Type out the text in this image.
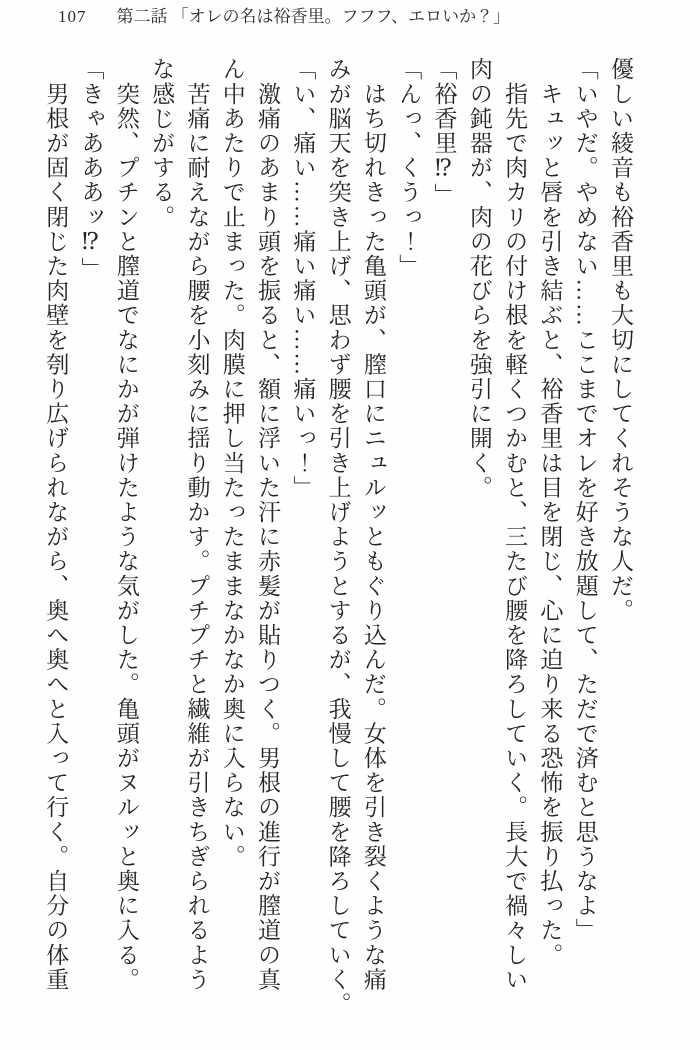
107 第二話 「オレの名は裕香里。フフフ、エロいか？」
優しい綾音も裕香里も大切にしてくれそうな人だ。
「いやだ。やめない……ここまでオレを好き放題して、ただで済むと思うなよ」
　キュッと唇を引き結ぶと、裕香里は目を閉じ、心に迫り来る恐怖を振り払った。
　指先で肉カリの付け根を軽くつかむと、三たび腰を降ろしていく。長大で禍々しい
肉の鈍器が、肉の花びらを強引に開く。
「裕香里⁉」
「んっ、くうっ！」
　はち切れきった亀頭が、膣口にニュルッともぐり込んだ。女体を引き裂くような痛
みが脳天を突き上げ、思わず腰を引き上げようとするが、我慢して腰を降ろしていく。
「い、痛い……痛い痛い……痛いっ！」
　激痛のあまり頭を振ると、額に浮いた汗に赤髪が貼りつく。男根の進行が膣道の真
ん中あたりで止まった。肉膜に押し当たったままなかなか奥に入らない。
　苦痛に耐えながら腰を小刻みに揺り動かす。プチプチと繊維が引きちぎられるよう
な感じがする。
　突然、プチンと膣道でなにかが弾けたような気がした。亀頭がヌルッと奥に入る。
「きゃあああッ⁉」
　男根が固く閉じた肉壁を刳り広げられながら、奥へ奥へと入って行く。自分の体重
